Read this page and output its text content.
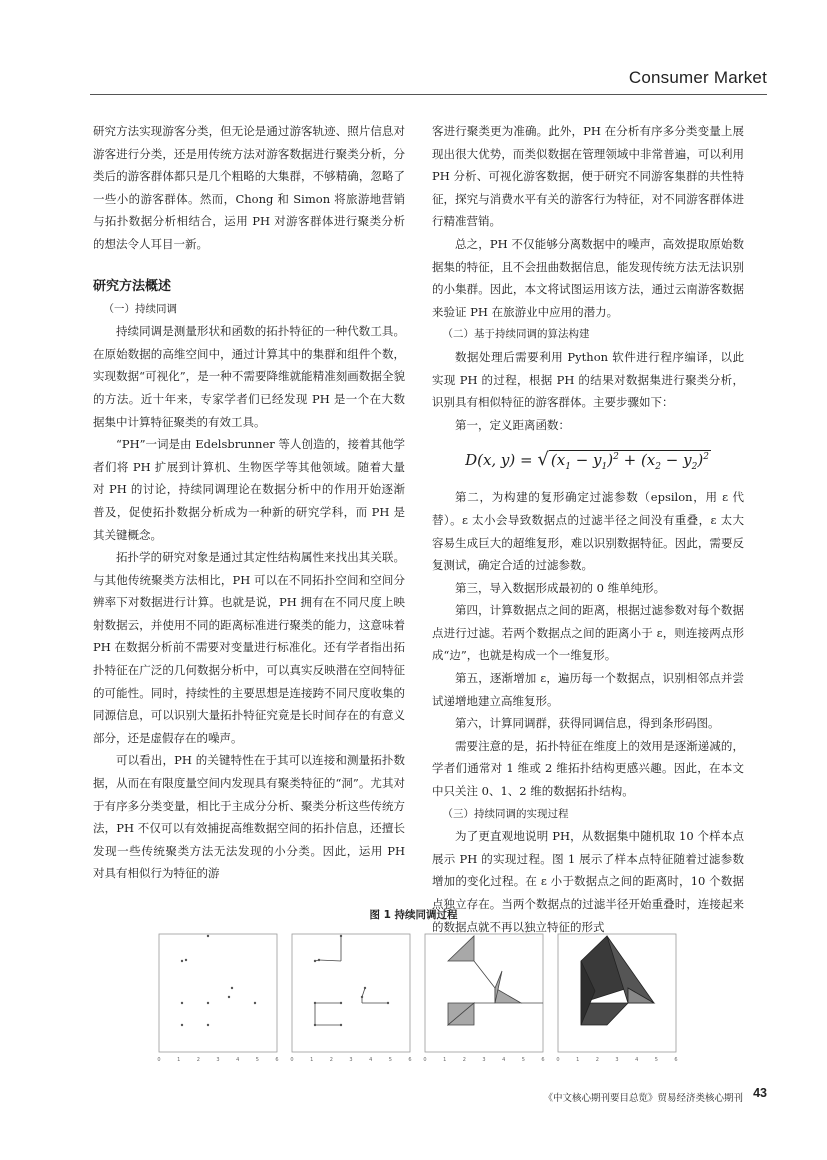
Consumer Market

研究方法实现游客分类，但无论是通过游客轨迹、照片信息对游客进行分类，还是用传统方法对游客数据进行聚类分析，分类后的游客群体都只是几个粗略的大集群，不够精确，忽略了一些小的游客群体。然而，Chong 和 Simon 将旅游地营销与拓扑数据分析相结合，运用 PH 对游客群体进行聚类分析的想法令人耳目一新。

研究方法概述

（一）持续同调

持续同调是测量形状和函数的拓扑特征的一种代数工具。在原始数据的高维空间中，通过计算其中的集群和组件个数，实现数据“可视化”，是一种不需要降维就能精准刻画数据全貌的方法。近十年来，专家学者们已经发现 PH 是一个在大数据集中计算特征聚类的有效工具。

“PH”一词是由 Edelsbrunner 等人创造的，接着其他学者们将 PH 扩展到计算机、生物医学等其他领域。随着大量对 PH 的讨论，持续同调理论在数据分析中的作用开始逐渐普及，促使拓扑数据分析成为一种新的研究学科，而 PH 是其关键概念。

拓扑学的研究对象是通过其定性结构属性来找出其关联。与其他传统聚类方法相比，PH 可以在不同拓扑空间和空间分辨率下对数据进行计算。也就是说，PH 拥有在不同尺度上映射数据云，并使用不同的距离标准进行聚类的能力，这意味着 PH 在数据分析前不需要对变量进行标准化。还有学者指出拓扑特征在广泛的几何数据分析中，可以真实反映潜在空间特征的可能性。同时，持续性的主要思想是连接跨不同尺度收集的同源信息，可以识别大量拓扑特征究竟是长时间存在的有意义部分，还是虚假存在的噪声。

可以看出，PH 的关键特性在于其可以连接和测量拓扑数据，从而在有限度量空间内发现具有聚类特征的“洞”。尤其对于有序多分类变量，相比于主成分分析、聚类分析这些传统方法，PH 不仅可以有效捕捉高维数据空间的拓扑信息，还擅长发现一些传统聚类方法无法发现的小分类。因此，运用 PH 对具有相似行为特征的游

客进行聚类更为准确。此外，PH 在分析有序多分类变量上展现出很大优势，而类似数据在管理领域中非常普遍，可以利用 PH 分析、可视化游客数据，便于研究不同游客集群的共性特征，探究与消费水平有关的游客行为特征，对不同游客群体进行精准营销。

总之，PH 不仅能够分离数据中的噪声，高效提取原始数据集的特征，且不会扭曲数据信息，能发现传统方法无法识别的小集群。因此，本文将试图运用该方法，通过云南游客数据来验证 PH 在旅游业中应用的潜力。

（二）基于持续同调的算法构建

数据处理后需要利用 Python 软件进行程序编译，以此实现 PH 的过程，根据 PH 的结果对数据集进行聚类分析，识别具有相似特征的游客群体。主要步骤如下：

第一，定义距离函数：

D(x, y) = √ $(x_1 - y_1)^2 + (x_2 - y_2)^2$

第二，为构建的复形确定过滤参数（epsilon，用 ε 代替）。ε 太小会导致数据点的过滤半径之间没有重叠，ε 太大容易生成巨大的超维复形，难以识别数据特征。因此，需要反复测试，确定合适的过滤参数。

第三，导入数据形成最初的 0 维单纯形。

第四，计算数据点之间的距离，根据过滤参数对每个数据点进行过滤。若两个数据点之间的距离小于 ε，则连接两点形成“边”，也就是构成一个一维复形。

第五，逐渐增加 ε，遍历每一个数据点，识别相邻点并尝试递增地建立高维复形。

第六，计算同调群，获得同调信息，得到条形码图。

需要注意的是，拓扑特征在维度上的效用是逐渐递减的，学者们通常对 1 维或 2 维拓扑结构更感兴趣。因此，在本文中只关注 0、1、2 维的数据拓扑结构。

（三）持续同调的实现过程

为了更直观地说明 PH，从数据集中随机取 10 个样本点展示 PH 的实现过程。图 1 展示了样本点特征随着过滤参数增加的变化过程。在 ε 小于数据点之间的距离时，10 个数据点独立存在。当两个数据点的过滤半径开始重叠时，连接起来的数据点就不再以独立特征的形式

图 1 持续同调过程
0	1	2	3	4	5	6 0	1	2	3	4	5	6 0	1	2	3	4	5	6 0	1	2	3	4	5	6
《中文核心期刊要目总览》贸易经济类核心期刊 43
